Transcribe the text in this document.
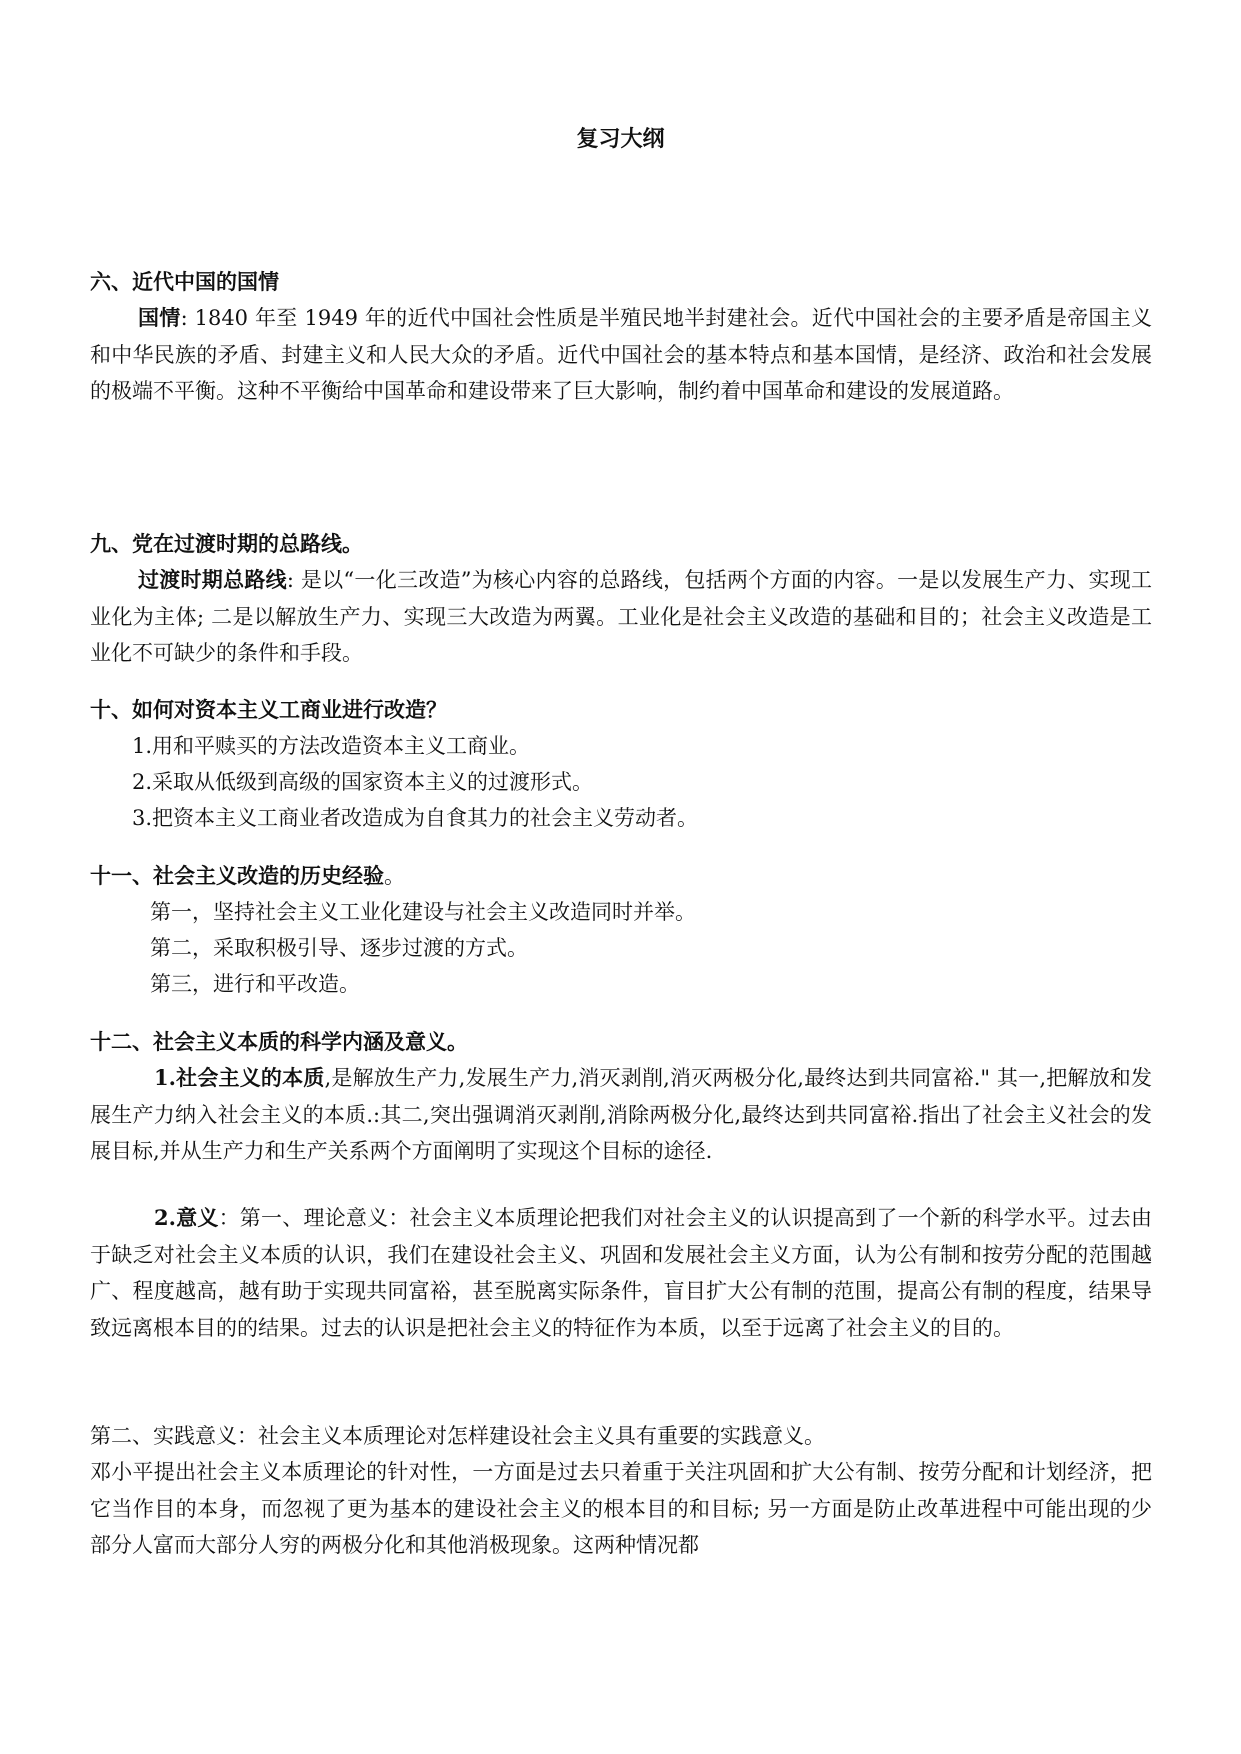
复习大纲
六、近代中国的国情
国情: 1840 年至 1949 年的近代中国社会性质是半殖民地半封建社会。近代中国社会的主要矛盾是帝国主义和中华民族的矛盾、封建主义和人民大众的矛盾。近代中国社会的基本特点和基本国情，是经济、政治和社会发展的极端不平衡。这种不平衡给中国革命和建设带来了巨大影响，制约着中国革命和建设的发展道路。
九、党在过渡时期的总路线。
过渡时期总路线: 是以“一化三改造”为核心内容的总路线，包括两个方面的内容。一是以发展生产力、实现工业化为主体; 二是以解放生产力、实现三大改造为两翼。工业化是社会主义改造的基础和目的；社会主义改造是工业化不可缺少的条件和手段。
十、如何对资本主义工商业进行改造？
1.用和平赎买的方法改造资本主义工商业。
2.采取从低级到高级的国家资本主义的过渡形式。
3.把资本主义工商业者改造成为自食其力的社会主义劳动者。
十一、社会主义改造的历史经验。
第一，坚持社会主义工业化建设与社会主义改造同时并举。
第二，采取积极引导、逐步过渡的方式。
第三，进行和平改造。
十二、社会主义本质的科学内涵及意义。
1.社会主义的本质,是解放生产力,发展生产力,消灭剥削,消灭两极分化,最终达到共同富裕." 其一,把解放和发展生产力纳入社会主义的本质.:其二,突出强调消灭剥削,消除两极分化,最终达到共同富裕.指出了社会主义社会的发展目标,并从生产力和生产关系两个方面阐明了实现这个目标的途径.
2.意义：第一、理论意义：社会主义本质理论把我们对社会主义的认识提高到了一个新的科学水平。过去由于缺乏对社会主义本质的认识，我们在建设社会主义、巩固和发展社会主义方面，认为公有制和按劳分配的范围越广、程度越高，越有助于实现共同富裕，甚至脱离实际条件，盲目扩大公有制的范围，提高公有制的程度，结果导致远离根本目的的结果。过去的认识是把社会主义的特征作为本质，以至于远离了社会主义的目的。
第二、实践意义：社会主义本质理论对怎样建设社会主义具有重要的实践意义。
邓小平提出社会主义本质理论的针对性，一方面是过去只着重于关注巩固和扩大公有制、按劳分配和计划经济，把它当作目的本身，而忽视了更为基本的建设社会主义的根本目的和目标; 另一方面是防止改革进程中可能出现的少部分人富而大部分人穷的两极分化和其他消极现象。这两种情况都
